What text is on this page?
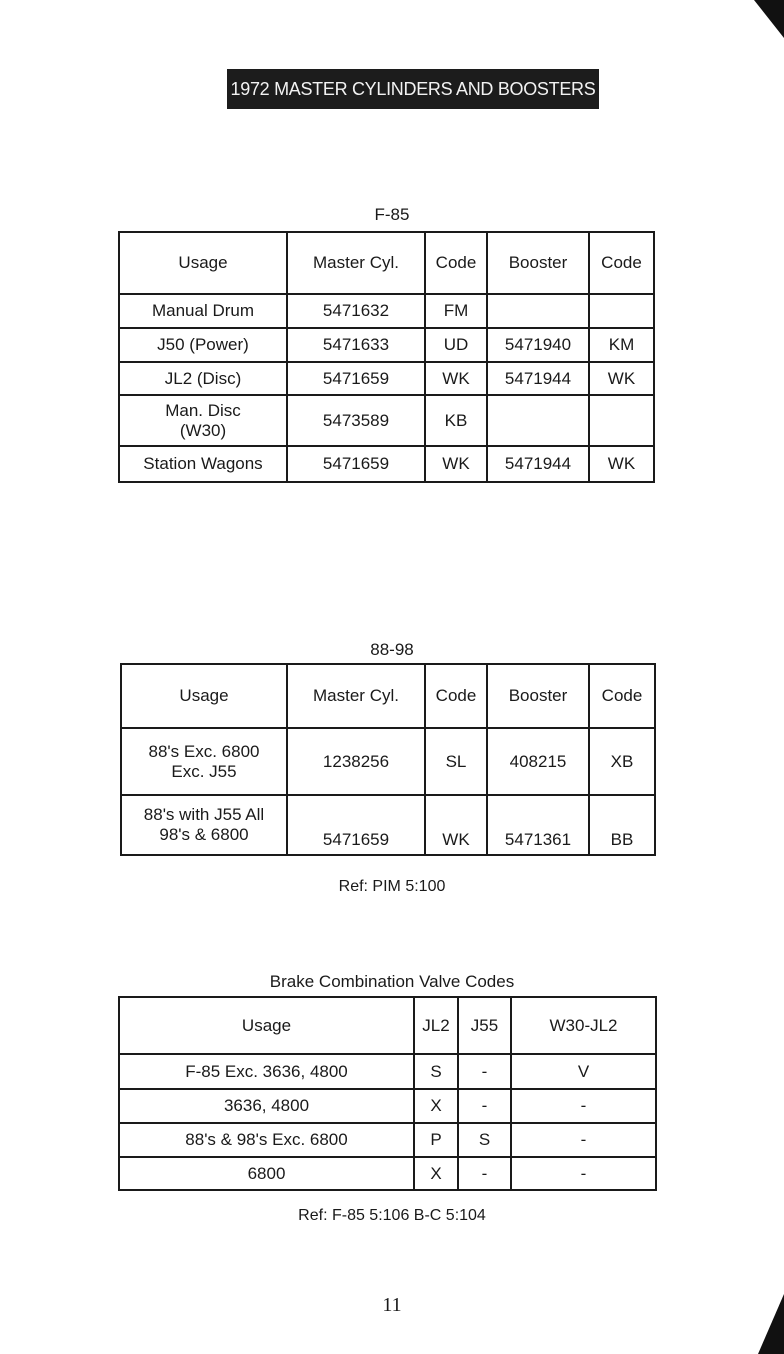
1972 MASTER CYLINDERS AND BOOSTERS
F-85
Usage	Master Cyl.	Code	Booster	Code
Manual Drum	5471632	FM		
J50 (Power)	5471633	UD	5471940	KM
JL2 (Disc)	5471659	WK	5471944	WK
Man. Disc (W30)	5473589	KB		
Station Wagons	5471659	WK	5471944	WK
88-98
Usage	Master Cyl.	Code	Booster	Code
88's Exc. 6800 Exc. J55	1238256	SL	408215	XB
88's with J55 All 98's & 6800	5471659	WK	5471361	BB
Ref: PIM 5:100
Brake Combination Valve Codes
Usage	JL2	J55	W30-JL2
F-85 Exc. 3636, 4800	S	-	V
3636, 4800	X	-	-
88's & 98's Exc. 6800	P	S	-
6800	X	-	-
Ref: F-85 5:106 B-C 5:104
11
